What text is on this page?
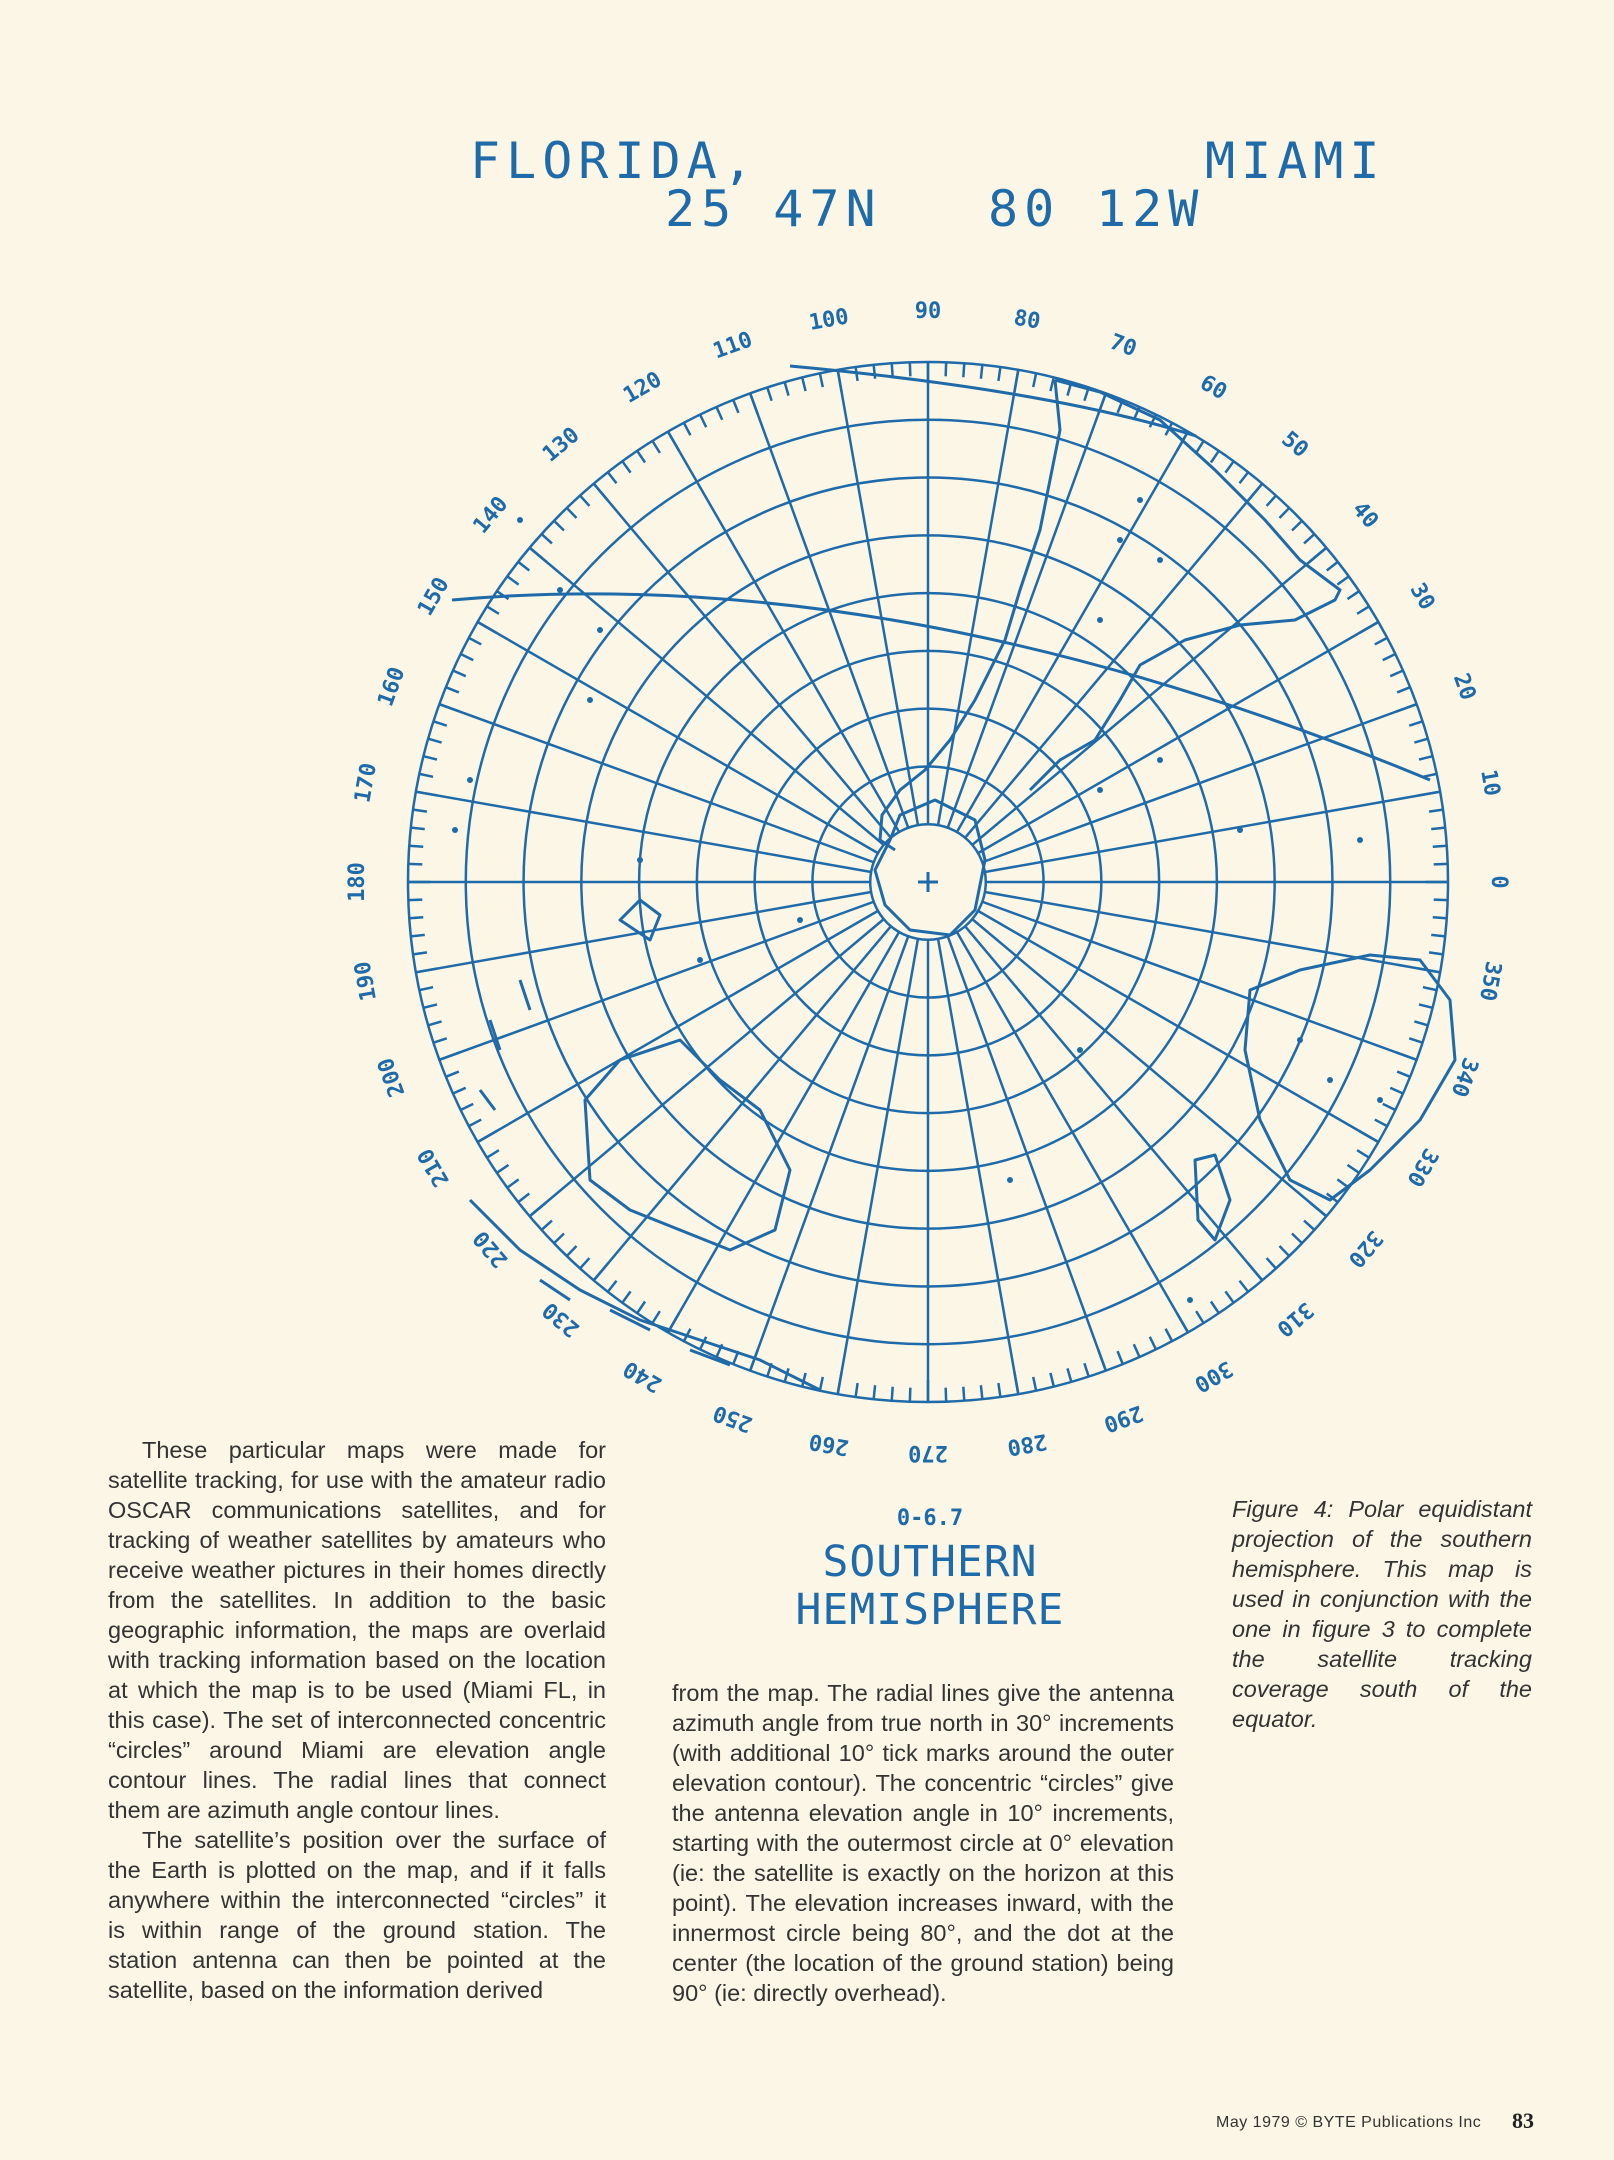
FLORIDA,	MIAMI
25 47N 80 12W
0
10
20
30
40
50
60
70
80
90
100
110
120
130
140
150
160
170
180
190
200
210
220
230
240
250
260	270	280
290
300
310
320
330
340
350
0-6.7
SOUTHERN
HEMISPHERE

These particular maps were made for satellite tracking, for use with the amateur radio OSCAR communications satellites, and for tracking of weather satellites by amateurs who receive weather pictures in their homes directly from the satellites. In addition to the basic geographic information, the maps are overlaid with tracking information based on the location at which the map is to be used (Miami FL, in this case). The set of interconnected concentric “circles” around Miami are elevation angle contour lines. The radial lines that connect them are azimuth angle contour lines.

The satellite’s position over the surface of the Earth is plotted on the map, and if it falls anywhere within the interconnected “circles” it is within range of the ground station. The station antenna can then be pointed at the satellite, based on the information derived

from the map. The radial lines give the antenna azimuth angle from true north in 30° increments (with additional 10° tick marks around the outer elevation contour). The concentric “circles” give the antenna elevation angle in 10° increments, starting with the outermost circle at 0° elevation (ie: the satellite is exactly on the horizon at this point). The elevation increases inward, with the innermost circle being 80°, and the dot at the center (the location of the ground station) being 90° (ie: directly overhead).

Figure 4: Polar equidistant projection of the southern hemisphere. This map is used in conjunction with the one in figure 3 to complete the satellite tracking coverage south of the equator.
May 1979 © BYTE Publications Inc 83
